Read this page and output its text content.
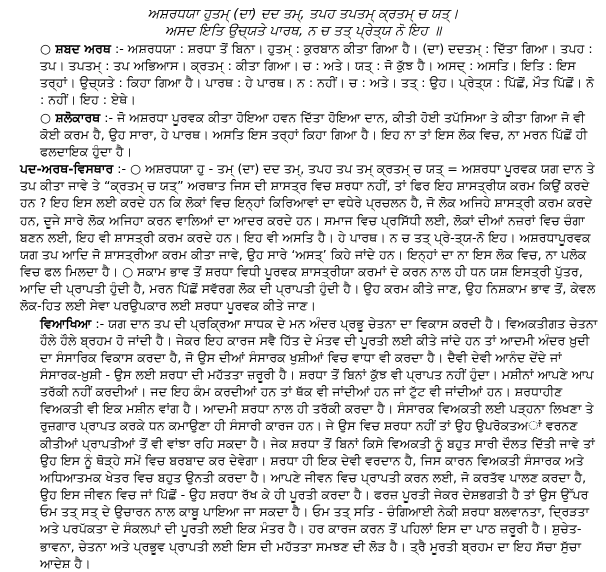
ਅਸ਼ਰਧਯਾ ਹੁਤਮ੍ (ਦਾ) ਦਦ ਤਮ੍, ਤਪਹ ਤਪਤਮ੍ ਕ੍ਰਤਮ੍ ਚ ਯਤ੍।
ਅਸਦ ਇਤਿ ਉਚ੍ਯਤੇ ਪਾਰਥ, ਨ ਚ ਤਤ੍ ਪ੍ਰੇਤ੍ਯ ਨੋ ਇਹ ॥

○ ਸ਼ਬਦ ਅਰਥ :- ਅਸ਼ਰਧਯਾ : ਸ਼ਰਧਾ ਤੋਂ ਬਿਨਾ। ਹੁਤਮ੍ : ਕੁਰਬਾਨ ਕੀਤਾ ਗਿਆ ਹੈ। (ਦਾ) ਦਦਤਮ੍ : ਦਿੱਤਾ ਗਿਆ। ਤਪਹ : ਤਪ। ਤਪਤਮ੍ : ਤਪ ਅਭਿਆਸ। ਕ੍ਰਤਮ੍ : ਕੀਤਾ ਗਿਆ। ਚ : ਅਤੇ। ਯਤ੍ : ਜੋ ਕੁੱਝ ਹੈ। ਅਸਦ੍ : ਅਸਤਿ। ਇਤਿ : ਇਸ ਤਰ੍ਹਾਂ। ਉਚ੍ਯਤੇ : ਕਿਹਾ ਗਿਆ ਹੈ। ਪਾਰਥ : ਹੇ ਪਾਰਥ। ਨ : ਨਹੀਂ। ਚ : ਅਤੇ। ਤਤ੍ : ਉਹ। ਪ੍ਰੇਤ੍ਯ : ਪਿੱਛੋਂ, ਮੌਤ ਪਿੱਛੋਂ। ਨੋ : ਨਹੀਂ। ਇਹ : ਏਥੇ।

○ ਸ਼ਲੋਕਾਰਥ :- ਜੋ ਅਸ਼ਰਧਾ ਪੂਰਵਕ ਕੀਤਾ ਹੋਇਆ ਹਵਨ ਦਿੱਤਾ ਹੋਇਆ ਦਾਨ, ਕੀਤੀ ਹੋਈ ਤਪੱਸਿਆ ਤੇ ਕੀਤਾ ਗਿਆ ਜੋ ਵੀ ਕੋਈ ਕਰਮ ਹੈ, ਉਹ ਸਾਰਾ, ਹੇ ਪਾਰਥ। ਅਸਤਿ ਇਸ ਤਰ੍ਹਾਂ ਕਿਹਾ ਗਿਆ ਹੈ। ਇਹ ਨਾ ਤਾਂ ਇਸ ਲੋਕ ਵਿਚ, ਨਾ ਮਰਨ ਪਿੱਛੋਂ ਹੀ ਫਲਦਾਇਕ ਹੁੰਦਾ ਹੈ।

ਪਦ-ਅਰਥ-ਵਿਸਥਾਰ :- ○ ਅਸ਼ਰਧਯਾ ਹੁ - ਤਮ੍ (ਦਾ) ਦਦ ਤਮ੍, ਤਪਹ ਤਪ ਤਮ੍ ਕ੍ਰਤਮ੍ ਚ ਯਤ੍ = ਅਸ਼ਰਧਾ ਪੂਰਵਕ ਯਗ ਦਾਨ ਤੇ ਤਪ ਕੀਤਾ ਜਾਵੇ ਤੇ “ਕ੍ਰਤਮ੍ ਚ ਯਤ੍” ਅਰਥਾਤ ਜਿਸ ਦੀ ਸ਼ਾਸਤ੍ਰ ਵਿਚ ਸ਼ਰਧਾ ਨਹੀਂ, ਤਾਂ ਫਿਰ ਇਹ ਸ਼ਾਸਤ੍ਰੀਯ ਕਰਮ ਕਿਉਂ ਕਰਦੇ ਹਨ ? ਇਹ ਇਸ ਲਈ ਕਰਦੇ ਹਨ ਕਿ ਲੋਕਾਂ ਵਿਚ ਇਨ੍ਹਾਂ ਕਿਰਿਆਵਾਂ ਦਾ ਵਧੇਰੇ ਪ੍ਰਚਲਨ ਹੈ, ਜੋ ਲੋਕ ਅਜਿਹੇ ਸ਼ਾਸਤ੍ਰੀ ਕਰਮ ਕਰਦੇ ਹਨ, ਦੂਜੇ ਸਾਰੇ ਲੋਕ ਅਜਿਹਾ ਕਰਨ ਵਾਲਿਆਂ ਦਾ ਆਦਰ ਕਰਦੇ ਹਨ। ਸਮਾਜ ਵਿਚ ਪ੍ਰਸਿੱਧੀ ਲਈ, ਲੋਕਾਂ ਦੀਆਂ ਨਜ਼ਰਾਂ ਵਿਚ ਚੰਗਾ ਬਣਨ ਲਈ, ਇਹ ਵੀ ਸ਼ਾਸਤ੍ਰੀ ਕਰਮ ਕਰਦੇ ਹਨ। ਇਹ ਵੀ ਅਸਤਿ ਹੈ। ਹੇ ਪਾਰਥ। ਨ ਚ ਤਤ੍ ਪ੍ਰੇ-ਤ੍ਯ-ਨੋ ਇਹ। ਅਸ਼ਰਧਾਪੂਰਵਕ ਯਗ ਤਪ ਆਦਿ ਜੋ ਸ਼ਾਸਤ੍ਰੀਆ ਕਰਮ ਕੀਤਾ ਜਾਵੇ, ਉਹ ਸਾਰੇ ‘ਅਸਤ੍’ ਕਿਹੇ ਜਾਂਦੇ ਹਨ। ਇਨ੍ਹਾਂ ਦਾ ਨਾ ਇਸ ਲੋਕ ਵਿਚ, ਨਾ ਪਲੋਕ ਵਿਚ ਫਲ ਮਿਲਦਾ ਹੈ। ○ ਸਕਾਮ ਭਾਵ ਤੋਂ ਸ਼ਰਧਾ ਵਿਧੀ ਪੂਰਵਕ ਸ਼ਾਸਤ੍ਰੀਯਾ ਕਰਮਾਂ ਦੇ ਕਰਨ ਨਾਲ ਹੀ ਧਨ ਯਸ਼ ਇਸਤ੍ਰੀ ਪੁੱਤਰ, ਆਦਿ ਦੀ ਪ੍ਰਾਪਤੀ ਹੁੰਦੀ ਹੈ, ਮਰਨ ਪਿੱਛੋਂ ਸਵੱਰਗ ਲੋਕ ਦੀ ਪ੍ਰਾਪਤੀ ਹੁੰਦੀ ਹੈ। ਉਹ ਕਰਮ ਕੀਤੇ ਜਾਣ, ਉਹ ਨਿਸ਼ਕਾਮ ਭਾਵ ਤੋਂ, ਕੇਵਲ ਲੋਕ-ਹਿਤ ਲਈ ਸੇਵਾ ਪਰਉਪਕਾਰ ਲਈ ਸ਼ਰਧਾ ਪੂਰਵਕ ਕੀਤੇ ਜਾਣ।

ਵਿਆਖਿਆ :- ਯਗ ਦਾਨ ਤਪ ਦੀ ਪ੍ਰਕ੍ਰਿਆ ਸਾਧਕ ਦੇ ਮਨ ਅੰਦਰ ਪ੍ਰਭੂ ਚੇਤਨਾ ਦਾ ਵਿਕਾਸ ਕਰਦੀ ਹੈ। ਵਿਅਕਤੀਗਤ ਚੇਤਨਾ ਹੌਲੇ ਹੌਲੇ ਬ੍ਰਹਮ ਹੋ ਜਾਂਦੀ ਹੈ। ਜੇਕਰ ਇਹ ਕਾਰਜ ਸਵੈ ਹਿੱਤ ਦੇ ਮੰਤਵ ਦੀ ਪੂਰਤੀ ਲਈ ਕੀਤੇ ਜਾਂਦੇ ਹਨ ਤਾਂ ਆਦਮੀ ਅੰਦਰ ਖ਼ੁਦੀ ਦਾ ਸੰਸਾਰਿਕ ਵਿਕਾਸ ਕਰਦਾ ਹੈ, ਜੋ ਉਸ ਦੀਆਂ ਸੰਸਾਰਕ ਖੁਸ਼ੀਆਂ ਵਿਚ ਵਾਧਾ ਵੀ ਕਰਦਾ ਹੈ। ਦੈਵੀ ਦੇਵੀ ਆਨੰਦ ਦੇਂਦੇ ਜਾਂ ਸੰਸਾਰਕ-ਖ਼ੁਸ਼ੀ - ਉਸ ਲਈ ਸ਼ਰਧਾ ਦੀ ਮਹੱਤਤਾ ਜ਼ਰੂਰੀ ਹੈ। ਸ਼ਰਧਾ ਤੋਂ ਬਿਨਾਂ ਕੁੱਝ ਵੀ ਪ੍ਰਾਪਤ ਨਹੀਂ ਹੁੰਦਾ। ਮਸ਼ੀਨਾਂ ਆਪਣੇ ਆਪ ਤਰੱਕੀ ਨਹੀਂ ਕਰਦੀਆਂ। ਜਦ ਇਹ ਕੰਮ ਕਰਦੀਆਂ ਹਨ ਤਾਂ ਥੱਕ ਵੀ ਜਾਂਦੀਆਂ ਹਨ ਜਾਂ ਟੁੱਟ ਵੀ ਜਾਂਦੀਆਂ ਹਨ। ਸ਼ਰਧਾਹੀਣ ਵਿਅਕਤੀ ਵੀ ਇਕ ਮਸ਼ੀਨ ਵਾਂਗ ਹੈ। ਆਦਮੀ ਸ਼ਰਧਾ ਨਾਲ ਹੀ ਤਰੱਕੀ ਕਰਦਾ ਹੈ। ਸੰਸਾਰਕ ਵਿਅਕਤੀ ਲਈ ਪੜ੍ਹਨਾ ਲਿਖਣਾ ਤੇ ਰੁਜ਼ਗਾਰ ਪ੍ਰਾਪਤ ਕਰਕੇ ਧਨ ਕਮਾਉਣਾ ਹੀ ਸੰਸਾਰੀ ਕਾਰਜ ਹਨ। ਜੇ ਉਸ ਵਿਚ ਸ਼ਰਧਾ ਨਹੀਂ ਤਾਂ ਉਹ ਉਪਰੋਕਤਅਾਂ ਵਰਨਣ ਕੀਤੀਆਂ ਪ੍ਰਾਪਤੀਆਂ ਤੋਂ ਵੀ ਵਾਂਝਾ ਰਹਿ ਸਕਦਾ ਹੈ। ਜੇਕ ਸ਼ਰਧਾ ਤੋਂ ਬਿਨਾਂ ਕਿਸੇ ਵਿਅਕਤੀ ਨੂੰ ਬਹੁਤ ਸਾਰੀ ਦੌਲਤ ਦਿੱਤੀ ਜਾਵੇ ਤਾਂ ਉਹ ਇਸ ਨੂੰ ਥੋੜ੍ਹੇ ਸਮੇਂ ਵਿਚ ਬਰਬਾਦ ਕਰ ਦੇਵੇਗਾ। ਸ਼ਰਧਾ ਹੀ ਇਕ ਦੇਵੀ ਵਰਦਾਨ ਹੈ, ਜਿਸ ਕਾਰਨ ਵਿਅਕਤੀ ਸੰਸਾਰਕ ਅਤੇ ਅਧਿਆਤਮਕ ਖੇਤਰ ਵਿਚ ਬਹੁਤ ਉਨਤੀ ਕਰਦਾ ਹੈ। ਆਪਣੇ ਜੀਵਨ ਵਿਚ ਪ੍ਰਾਪਤੀ ਕਰਨ ਲਈ, ਜੋ ਕਰਤੱਵ ਪਾਲਣ ਕਰਦਾ ਹੈ, ਉਹ ਇਸ ਜੀਵਨ ਵਿਚ ਜਾਂ ਪਿੱਛੋਂ - ਉਹ ਸ਼ਰਧਾ ਰੱਖ ਕੇ ਹੀ ਪੂਰਤੀ ਕਰਦਾ ਹੈ। ਫਰਜ਼ ਪੂਰਤੀ ਜੇਕਰ ਦੇਸ਼ਭਗਤੀ ਹੈ ਤਾਂ ਉਸ ਉੱਪਰ ਓਮ ਤਤ੍ ਸਤ੍ ਦੇ ਉਚਾਰਨ ਨਾਲ ਕਾਬੂ ਪਾਇਆ ਜਾ ਸਕਦਾ ਹੈ। ਓਮ ਤਤ੍ ਸਤਿ - ਚੰਗਿਆਈ ਨੇਕੀ ਸ਼ਰਧਾ ਬਲਵਾਨਤਾ, ਦ੍ਰਿੜਤਾ ਅਤੇ ਪਰਪੱਕਤਾ ਦੇ ਸੰਕਲਪਾਂ ਦੀ ਪੂਰਤੀ ਲਈ ਇਕ ਮੰਤਰ ਹੈ। ਹਰ ਕਾਰਜ ਕਰਨ ਤੋਂ ਪਹਿਲਾਂ ਇਸ ਦਾ ਪਾਠ ਜ਼ਰੂਰੀ ਹੈ। ਸ਼ੁਚੇਤ-ਭਾਵਨਾ, ਚੇਤਨਾ ਅਤੇ ਪ੍ਰਭੂਵ ਪ੍ਰਾਪਤੀ ਲਈ ਇਸ ਦੀ ਮਹੱਤਤਾ ਸਮਝਣ ਦੀ ਲੋੜ ਹੈ। ਤ੍ਰੈ ਮੂਰਤੀ ਬ੍ਰਹਮ ਦਾ ਇਹ ਸੱਚਾ ਸੁੱਚਾ ਆਦੇਸ਼ ਹੈ।
